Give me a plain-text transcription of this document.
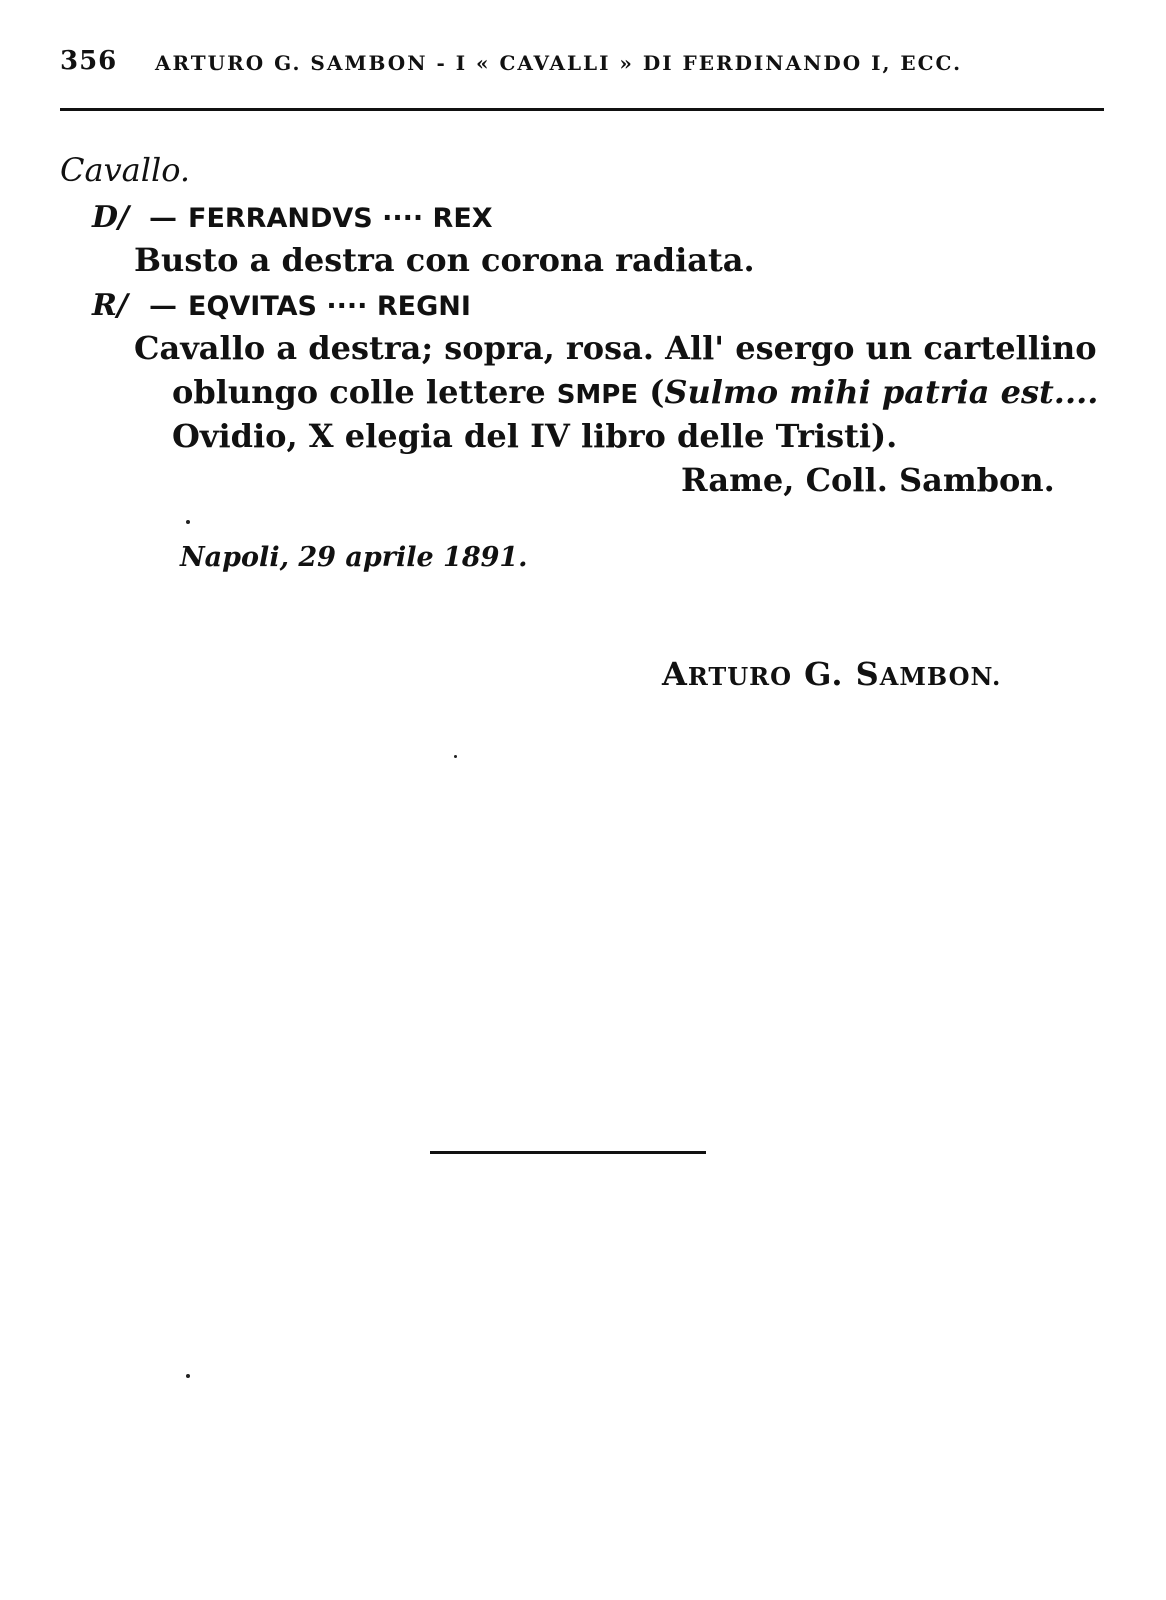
356 ARTURO G. SAMBON - I « CAVALLI » DI FERDINANDO I, ECC.
Cavallo.
D/ — FERRANDVS ···· REX
Busto a destra con corona radiata.
R/ — EQVITAS ···· REGNI
Cavallo a destra; sopra, rosa. All' esergo un cartellino
oblungo colle lettere SMPE (Sulmo mihi patria est....
Ovidio, X elegia del IV libro delle Tristi).
Rame, Coll. Sambon.
Napoli, 29 aprile 1891.
ARTURO G. SAMBON.
